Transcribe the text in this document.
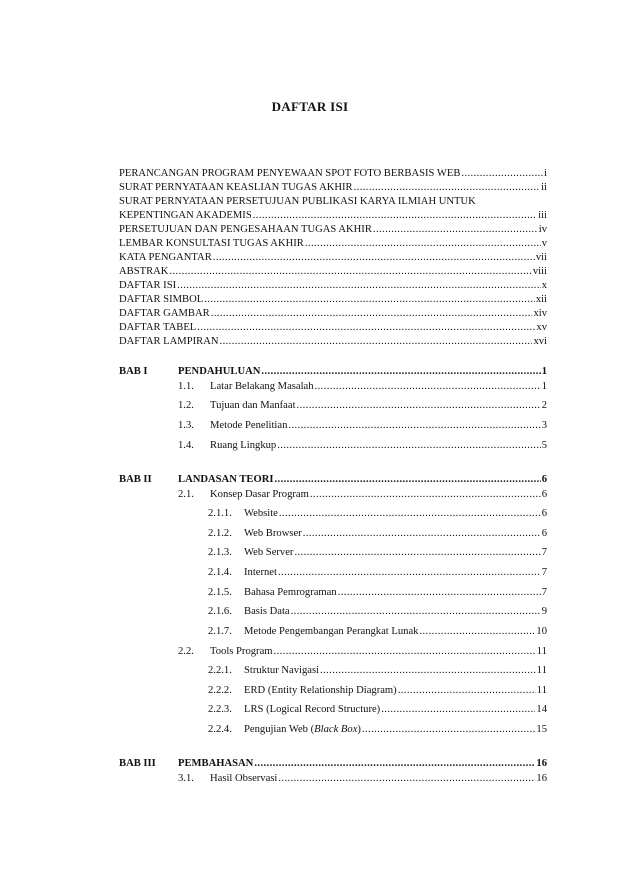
DAFTAR ISI
PERANCANGAN PROGRAM PENYEWAAN SPOT FOTO BERBASIS WEB .....	i
SURAT PERNYATAAN KEASLIAN TUGAS AKHIR .....	ii
SURAT PERNYATAAN PERSETUJUAN PUBLIKASI KARYA ILMIAH UNTUK
KEPENTINGAN AKADEMIS .....	iii
PERSETUJUAN DAN PENGESAHAAN TUGAS AKHIR .....	iv
LEMBAR KONSULTASI TUGAS AKHIR .....	v
KATA PENGANTAR .....	vii
ABSTRAK .....	viii
DAFTAR ISI .....	x
DAFTAR SIMBOL .....	xii
DAFTAR GAMBAR .....	xiv
DAFTAR TABEL .....	xv
DAFTAR LAMPIRAN .....	xvi
BAB I	PENDAHULUAN .....	1
1.1. Latar Belakang Masalah .....	1
1.2. Tujuan dan Manfaat .....	2
1.3. Metode Penelitian .....	3
1.4. Ruang Lingkup .....	5
BAB II LANDASAN TEORI .....	6
2.1. Konsep Dasar Program .....	6
2.1.1. Website .....	6
2.1.2. Web Browser .....	6
2.1.3. Web Server .....	7
2.1.4. Internet .....	7
2.1.5. Bahasa Pemrograman .....	7
2.1.6. Basis Data .....	9
2.1.7. Metode Pengembangan Perangkat Lunak .....	10
2.2. Tools Program .....	11
2.2.1. Struktur Navigasi .....	11
2.2.2. ERD (Entity Relationship Diagram) .....	11
2.2.3. LRS (Logical Record Structure) .....	14
2.2.4. Pengujian Web (Black Box) .....	15
BAB III PEMBAHASAN .....	16
3.1. Hasil Observasi .....	16
